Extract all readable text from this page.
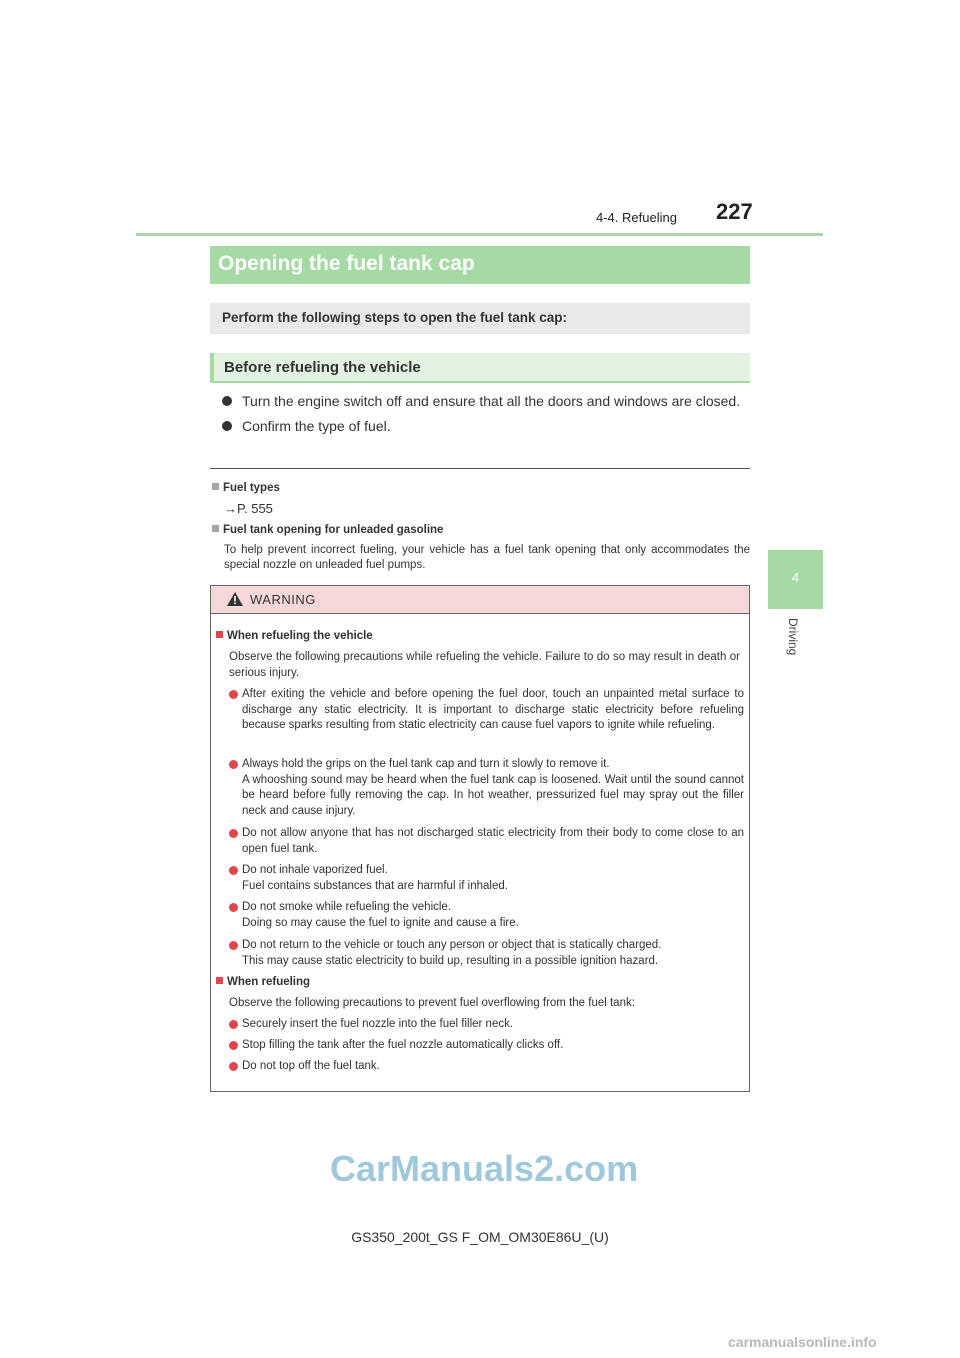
4-4. Refueling 227
4
Driving
Opening the fuel tank cap
Perform the following steps to open the fuel tank cap:
Before refueling the vehicle
Turn the engine switch off and ensure that all the doors and windows are closed.
Confirm the type of fuel.
Fuel types
→P. 555
Fuel tank opening for unleaded gasoline
To help prevent incorrect fueling, your vehicle has a fuel tank opening that only accommodates the special nozzle on unleaded fuel pumps.
WARNING
When refueling the vehicle
Observe the following precautions while refueling the vehicle. Failure to do so may result in death or serious injury.
After exiting the vehicle and before opening the fuel door, touch an unpainted metal surface to discharge any static electricity. It is important to discharge static electricity before refueling because sparks resulting from static electricity can cause fuel vapors to ignite while refueling.
Always hold the grips on the fuel tank cap and turn it slowly to remove it.
A whooshing sound may be heard when the fuel tank cap is loosened. Wait until the sound cannot be heard before fully removing the cap. In hot weather, pressurized fuel may spray out the filler neck and cause injury.
Do not allow anyone that has not discharged static electricity from their body to come close to an open fuel tank.
Do not inhale vaporized fuel.
Fuel contains substances that are harmful if inhaled.
Do not smoke while refueling the vehicle.
Doing so may cause the fuel to ignite and cause a fire.
Do not return to the vehicle or touch any person or object that is statically charged.
This may cause static electricity to build up, resulting in a possible ignition hazard.
When refueling
Observe the following precautions to prevent fuel overflowing from the fuel tank:
Securely insert the fuel nozzle into the fuel filler neck.
Stop filling the tank after the fuel nozzle automatically clicks off.
Do not top off the fuel tank.
CarManuals2.com
GS350_200t_GS F_OM_OM30E86U_(U)
carmanualsonline.info
